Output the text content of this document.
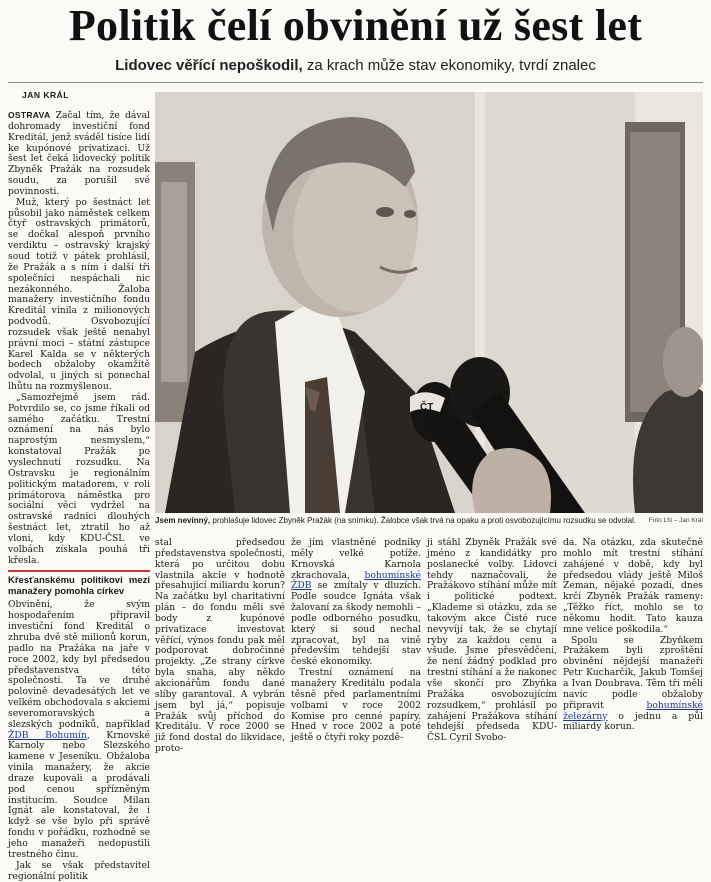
Politik čelí obvinění už šest let
Lidovec věřící nepoškodil, za krach může stav ekonomiky, tvrdí znalec
JAN KRÁL

OSTRAVA Začal tím, že dával dohromady investiční fond Kreditál, jenž sváděl tisíce lidí ke kupónové privatizaci. Už šest let čeká lidovecký politik Zbyněk Pražák na rozsudek soudu, za porušil své povinnosti.

Muž, který po šestnáct let působil jako náměstek celkem čtyř ostravských primátorů, se dočkal alespoň prvního verdiktu – ostravský krajský soud totiž v pátek prohlásil, že Pražák a s ním i další tři společníci nespáchali nic nezákonného. Žaloba manažery investičního fondu Kreditál vinila z milionových podvodů. Osvobozující rozsudek však ještě nenabyl právní moci – státní zástupce Karel Kalda se v některých bodech obžaloby okamžitě odvolal, u jiných si ponechal lhůtu na rozmyšlenou.

„Samozřejmě jsem rád. Potvrdilo se, co jsme říkali od samého začátku. Trestní oznámení na nás bylo naprostým nesmyslem,“ konstatoval Pražák po vyslechnutí rozsudku. Na Ostravsku je regionálním politickým matadorem, v roli primátorova náměstka pro sociální věci vydržel na ostravské radnici dlouhých šestnáct let, ztratil ho až vloni, kdy KDU-ČSL ve volbách získala pouhá tři křesla.

Křesťanskému politikovi mezi manažery pomohla církev

Obvinění, že svým hospodařením připravil investiční fond Kreditál o zhruba dvě stě milionů korun, padlo na Pražáka na jaře v roce 2002, kdy byl předsedou představenstva této společnosti. Ta ve druhé polovině devadesátých let ve velkém obchodovala s akciemi severomoravských a slezských podniků, například ŽDB Bohumín, Krnovské Karnoly nebo Slezského kamene v Jeseníku. Obžaloba vinila manažery, že akcie draze kupovali a prodávali pod cenou spřízněným institucím. Soudce Milan Ignát ale konstatoval, že i když se vše bylo při správě fondu v pořádku, rozhodně se jeho manažeři nedopustili trestného činu.

Jak se však představitel regionální politik

ČT
Jsem nevinný, prohlašuje lidovec Zbyněk Pražák (na snímku). Žalobce však trvá na opaku a proti osvobozujícímu rozsudku se odvolal. Foto LN – Jan Král

stal předsedou představenstva společnosti, která po určitou dobu vlastnila akcie v hodnotě přesahující miliardu korun? Na začátku byl charitativní plán – do fondu měli své body z kupónové privatizace investovat věřící, výnos fondu pak měl podporovat dobročinné projekty. „Ze strany církve byla snaha, aby někdo akcionářům fondu dané slíby garantoval. A vybrán jsem byl já,“ popisuje Pražák svůj příchod do Kreditálu. V roce 2000 se již fond dostal do likvidace, proto-

že jím vlastněné podniky měly velké potíže. Krnovská Karnola zkrachovala, bohumínské ŽDB se zmítaly v dluzích. Podle soudce Ignáta však žalovaní za škody nemohli – podle odborného posudku, který si soud nechal zpracovat, byl na vině především tehdejší stav české ekonomiky.

Trestní oznámení na manažery Kreditálu podala těsně před parlamentními volbami v roce 2002 Komise pro cenné papíry. Hned v roce 2002 a poté ještě o čtyři roky pozdě-

ji stáhl Zbyněk Pražák své jméno z kandidátky pro poslanecké volby. Lidovci tehdy naznačovali, že Pražákovo stíhání může mít i politické podtext. „Klademe si otázku, zda se takovým akce Čisté ruce nevyvíjí tak, že se chytají ryby za každou cenu a všude. Jsme přesvědčeni, že není žádný podklad pro trestní stíhání a že nakonec vše skončí pro Zbyňka Pražáka osvobozujícím rozsudkem,“ prohlásil po zahájení Pražákova stíhání tehdejší předseda KDU-ČSL Cyril Svobo-

da. Na otázku, zda skutečně mohlo mít trestní stíhání zahájené v době, kdy byl předsedou vlády ještě Miloš Zeman, nějaké pozadí, dnes krčí Zbyněk Pražák rameny: „Těžko říct, mohlo se to někomu hodit. Tato kauza mne velice poškodila.“

Spolu se Zbyňkem Pražákem byli zproštění obvinění nějdejší manažeři Petr Kucharčík, Jakub Tomšej a Ivan Doubrava. Těm tři měli navíc podle obžaloby připravit bohumínské železárny o jednu a půl miliardy korun.
